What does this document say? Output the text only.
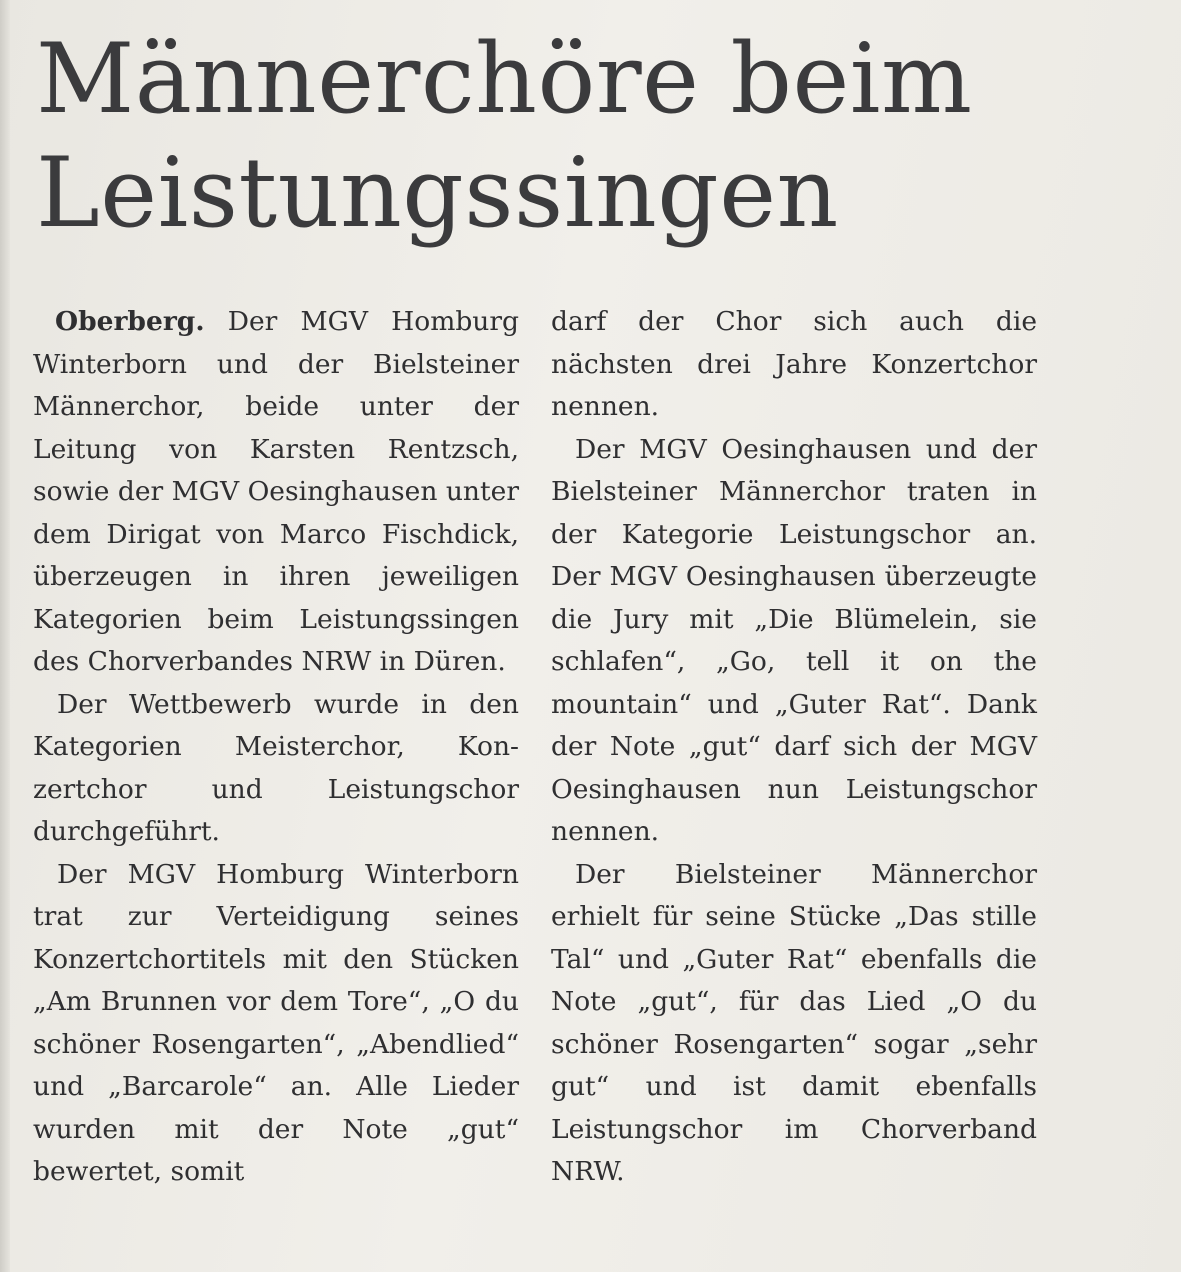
Männerchöre beim
Leistungssingen

Oberberg. Der MGV Homburg Winterborn und der Bielsteiner Männerchor, beide unter der Leitung von Karsten Rentzsch, sowie der MGV Oesinghausen unter dem Dirigat von Marco Fischdick, überzeugen in ihren jeweiligen Kategorien beim Leistungssingen des Chorverbandes NRW in Düren.

Der Wettbewerb wurde in den Kategorien Meisterchor, Konzertchor und Leistungschor durchgeführt.

Der MGV Homburg Winterborn trat zur Verteidigung seines Konzertchortitels mit den Stücken „Am Brunnen vor dem Tore“, „O du schöner Rosengarten“, „Abendlied“ und „Barcarole“ an. Alle Lieder wurden mit der Note „gut“ bewertet, somit

darf der Chor sich auch die nächsten drei Jahre Konzertchor nennen.

Der MGV Oesinghausen und der Bielsteiner Männerchor traten in der Kategorie Leistungschor an. Der MGV Oesinghausen überzeugte die Jury mit „Die Blümelein, sie schlafen“, „Go, tell it on the mountain“ und „Guter Rat“. Dank der Note „gut“ darf sich der MGV Oesinghausen nun Leistungschor nennen.

Der Bielsteiner Männerchor erhielt für seine Stücke „Das stille Tal“ und „Guter Rat“ ebenfalls die Note „gut“, für das Lied „O du schöner Rosengarten“ sogar „sehr gut“ und ist damit ebenfalls Leistungschor im Chorverband NRW.

Anzeigen Echo 24.10.18
